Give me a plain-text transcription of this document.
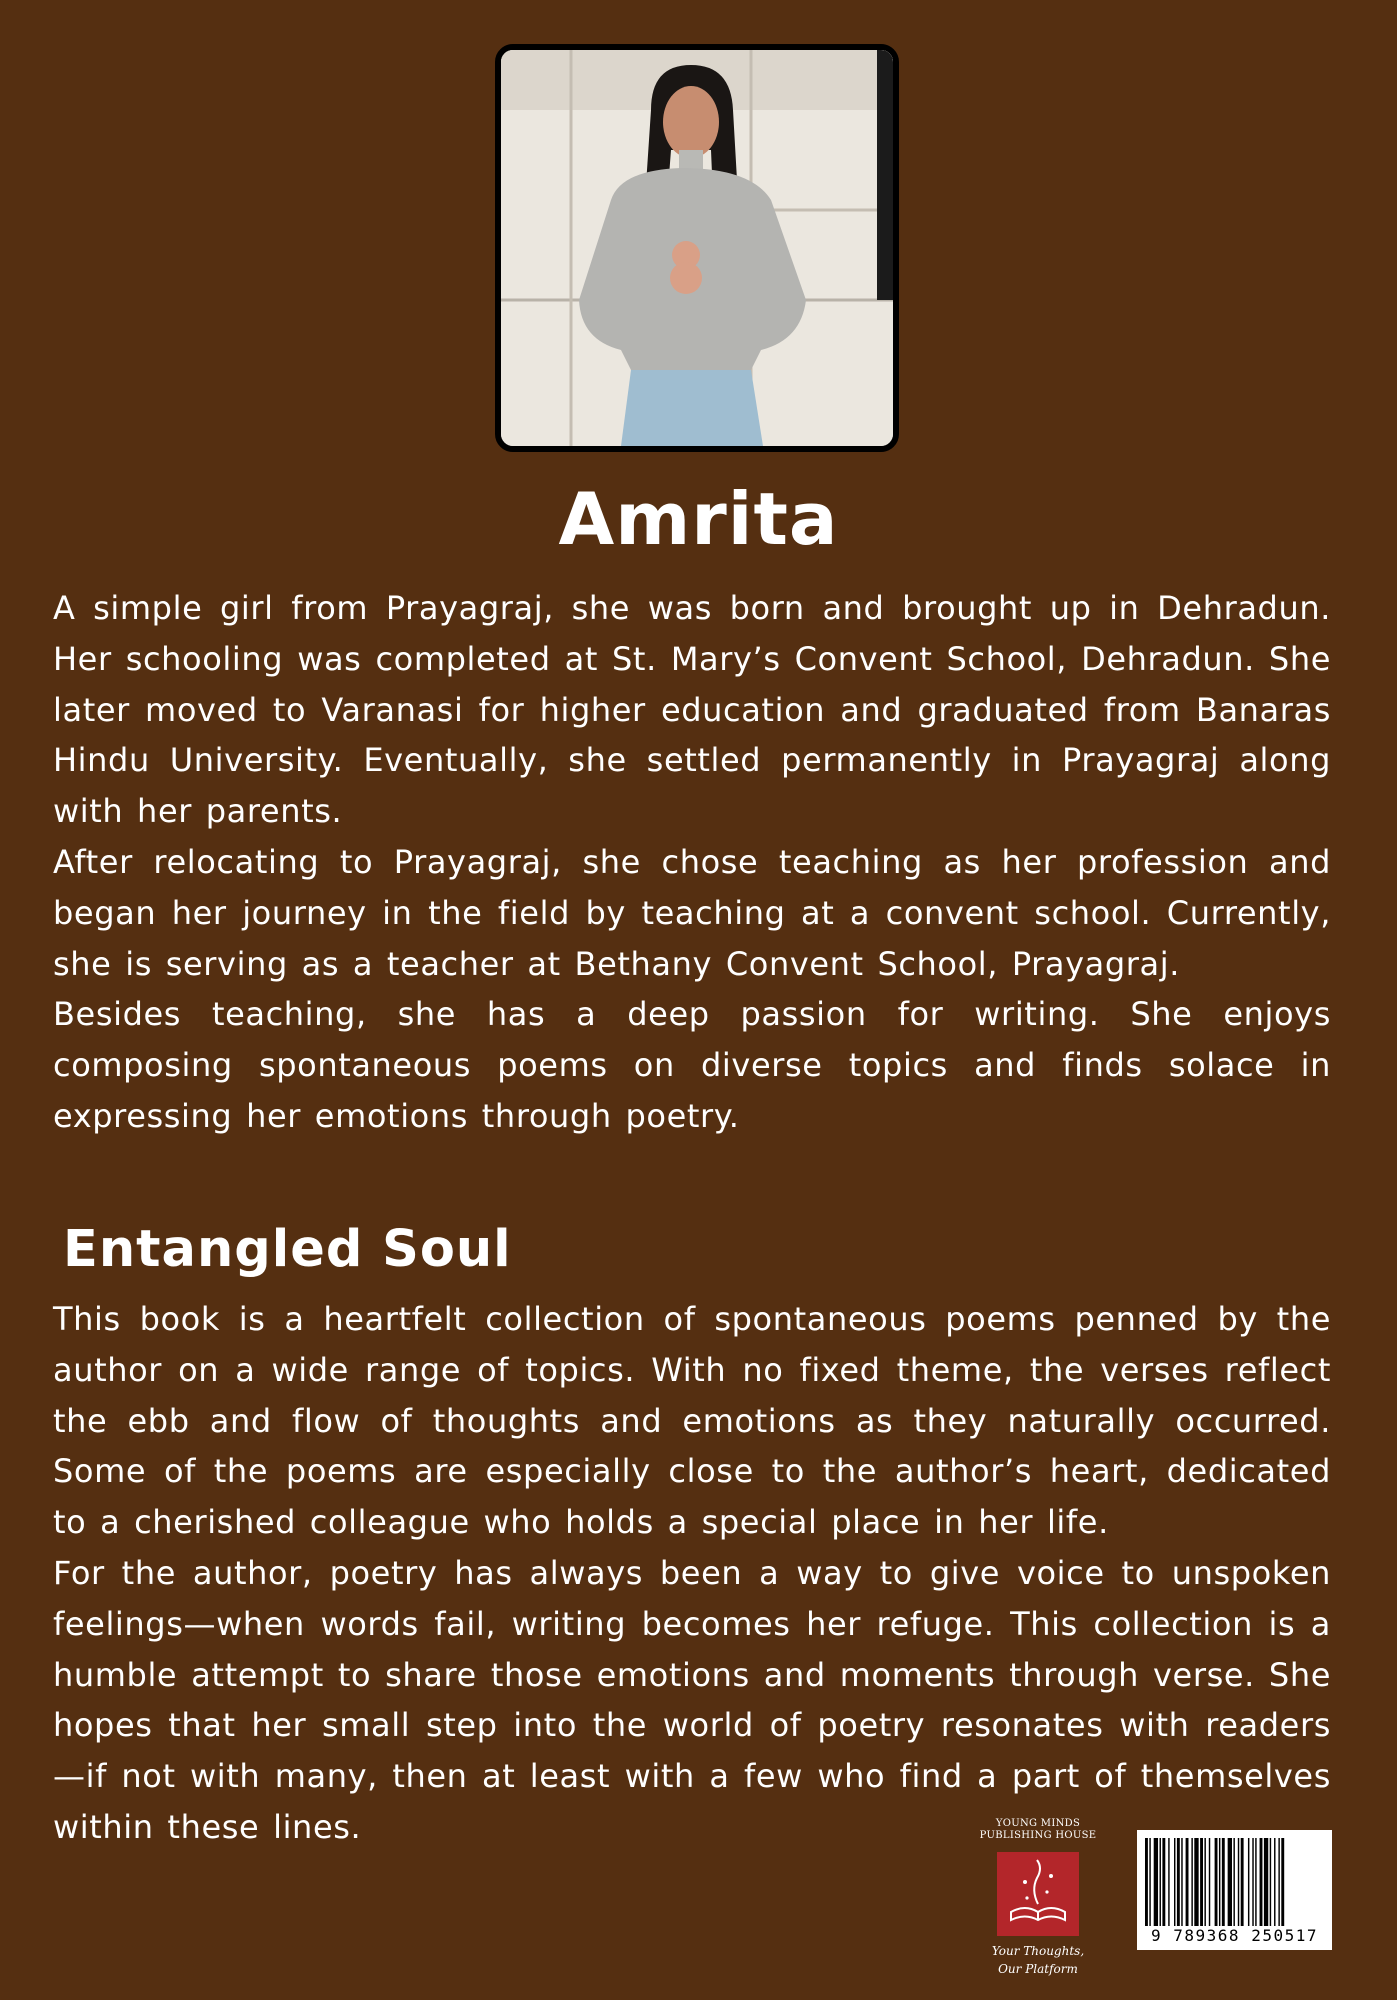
Amrita

A simple girl from Prayagraj, she was born and brought up in Dehradun. Her schooling was completed at St. Mary’s Convent School, Dehradun. She later moved to Varanasi for higher education and graduated from Banaras Hindu University. Eventually, she settled permanently in Prayagraj along with her parents.

After relocating to Prayagraj, she chose teaching as her profession and began her journey in the field by teaching at a convent school. Currently, she is serving as a teacher at Bethany Convent School, Prayagraj.

Besides teaching, she has a deep passion for writing. She enjoys composing spontaneous poems on diverse topics and finds solace in expressing her emotions through poetry.

Entangled Soul

This book is a heartfelt collection of spontaneous poems penned by the author on a wide range of topics. With no fixed theme, the verses reflect the ebb and flow of thoughts and emotions as they naturally occurred. Some of the poems are especially close to the author’s heart, dedicated to a cherished colleague who holds a special place in her life.

For the author, poetry has always been a way to give voice to unspoken feelings—when words fail, writing becomes her refuge. This collection is a humble attempt to share those emotions and moments through verse. She hopes that her small step into the world of poetry resonates with readers—if not with many, then at least with a few who find a part of themselves within these lines.	YOUNG MINDS
PUBLISHING HOUSE
Your Thoughts,
Our Platform
9 789368 250517
